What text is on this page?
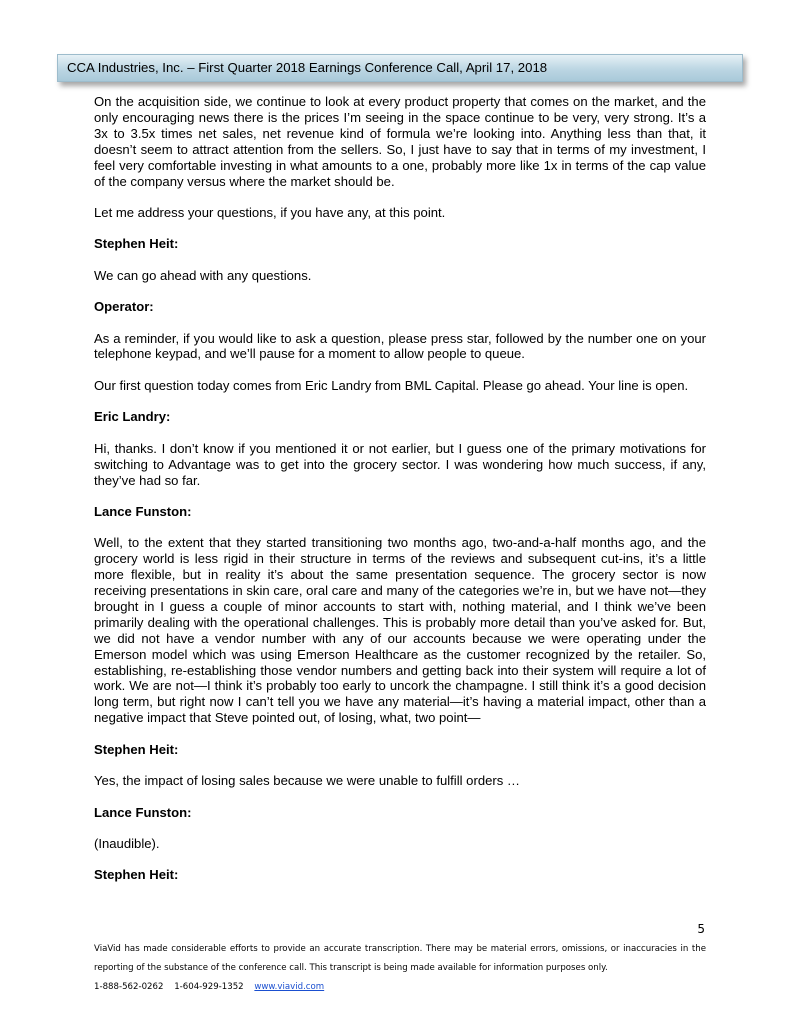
CCA Industries, Inc. – First Quarter 2018 Earnings Conference Call, April 17, 2018

On the acquisition side, we continue to look at every product property that comes on the market, and the only encouraging news there is the prices I’m seeing in the space continue to be very, very strong. It’s a 3x to 3.5x times net sales, net revenue kind of formula we’re looking into. Anything less than that, it doesn’t seem to attract attention from the sellers. So, I just have to say that in terms of my investment, I feel very comfortable investing in what amounts to a one, probably more like 1x in terms of the cap value of the company versus where the market should be.

Let me address your questions, if you have any, at this point.

Stephen Heit:

We can go ahead with any questions.

Operator:

As a reminder, if you would like to ask a question, please press star, followed by the number one on your telephone keypad, and we’ll pause for a moment to allow people to queue.

Our first question today comes from Eric Landry from BML Capital. Please go ahead. Your line is open.

Eric Landry:

Hi, thanks. I don’t know if you mentioned it or not earlier, but I guess one of the primary motivations for switching to Advantage was to get into the grocery sector. I was wondering how much success, if any, they’ve had so far.

Lance Funston:

Well, to the extent that they started transitioning two months ago, two-and-a-half months ago, and the grocery world is less rigid in their structure in terms of the reviews and subsequent cut-ins, it’s a little more flexible, but in reality it’s about the same presentation sequence. The grocery sector is now receiving presentations in skin care, oral care and many of the categories we’re in, but we have not—they brought in I guess a couple of minor accounts to start with, nothing material, and I think we’ve been primarily dealing with the operational challenges. This is probably more detail than you’ve asked for. But, we did not have a vendor number with any of our accounts because we were operating under the Emerson model which was using Emerson Healthcare as the customer recognized by the retailer. So, establishing, re-establishing those vendor numbers and getting back into their system will require a lot of work. We are not—I think it’s probably too early to uncork the champagne. I still think it’s a good decision long term, but right now I can’t tell you we have any material—it’s having a material impact, other than a negative impact that Steve pointed out, of losing, what, two point—

Stephen Heit:

Yes, the impact of losing sales because we were unable to fulfill orders …

Lance Funston:

(Inaudible).

Stephen Heit:

5
ViaVid has made considerable efforts to provide an accurate transcription. There may be material errors, omissions, or inaccuracies in the reporting of the substance of the conference call. This transcript is being made available for information purposes only.
1-888-562-0262 1-604-929-1352 www.viavid.com
